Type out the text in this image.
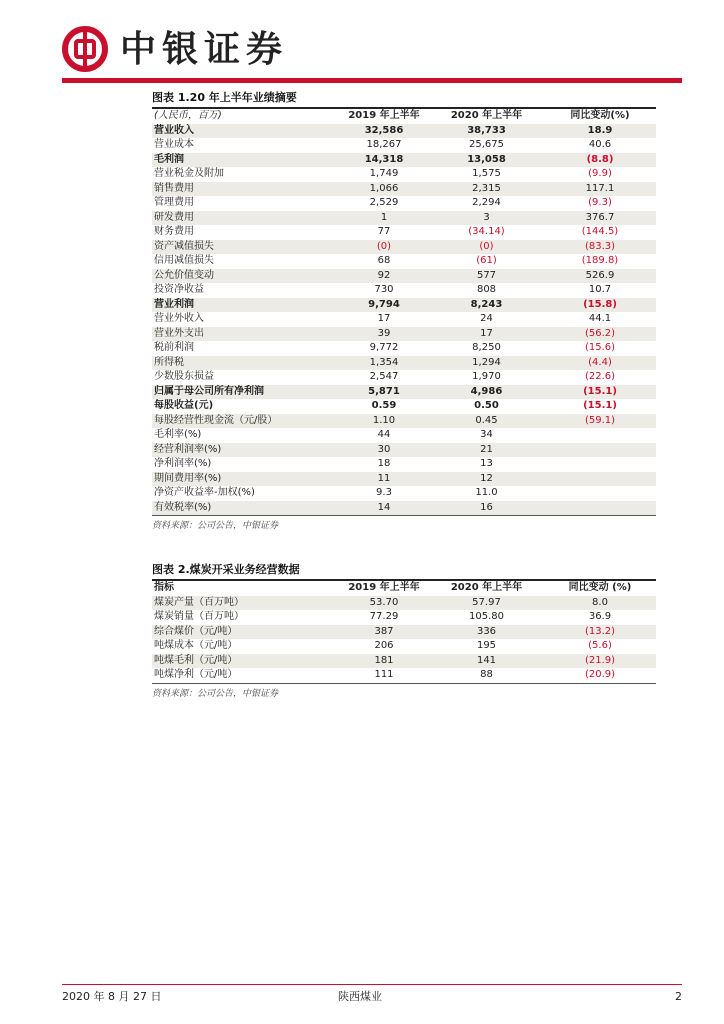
中银证券
图表 1.20 年上半年业绩摘要
(人民币，百万)	2019 年上半年	2020 年上半年	同比变动(%)
营业收入	32,586	38,733	18.9
营业成本	18,267	25,675	40.6
毛利润	14,318	13,058	(8.8)
营业税金及附加	1,749	1,575	(9.9)
销售费用	1,066	2,315	117.1
管理费用	2,529	2,294	(9.3)
研发费用	1	3	376.7
财务费用	77	(34.14)	(144.5)
资产减值损失	(0)	(0)	(83.3)
信用减值损失	68	(61)	(189.8)
公允价值变动	92	577	526.9
投资净收益	730	808	10.7
营业利润	9,794	8,243	(15.8)
营业外收入	17	24	44.1
营业外支出	39	17	(56.2)
税前利润	9,772	8,250	(15.6)
所得税	1,354	1,294	(4.4)
少数股东损益	2,547	1,970	(22.6)
归属于母公司所有净利润	5,871	4,986	(15.1)
每股收益(元)	0.59	0.50	(15.1)
每股经营性现金流（元/股）	1.10	0.45	(59.1)
毛利率(%)	44	34	
经营利润率(%)	30	21	
净利润率(%)	18	13	
期间费用率(%)	11	12	
净资产收益率-加权(%)	9.3	11.0	
有效税率(%)	14	16	
资料来源：公司公告，中银证券
图表 2.煤炭开采业务经营数据
指标	2019 年上半年	2020 年上半年	同比变动 (%)
煤炭产量（百万吨）	53.70	57.97	8.0
煤炭销量（百万吨）	77.29	105.80	36.9
综合煤价（元/吨）	387	336	(13.2)
吨煤成本（元/吨）	206	195	(5.6)
吨煤毛利（元/吨）	181	141	(21.9)
吨煤净利（元/吨）	111	88	(20.9)
资料来源：公司公告，中银证券
2020 年 8 月 27 日	陕西煤业	2
